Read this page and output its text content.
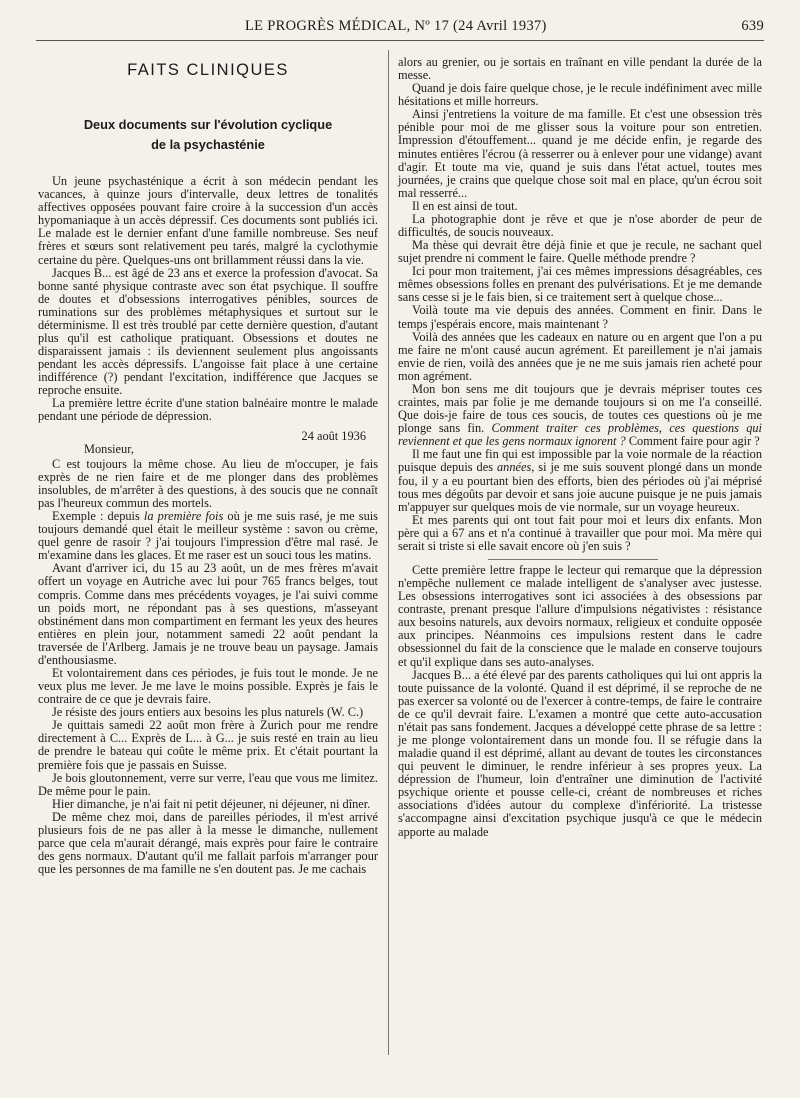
LE PROGRÈS MÉDICAL, Nº 17 (24 Avril 1937)	639

FAITS CLINIQUES

Deux documents sur l'évolution cyclique
de la psychasténie

Un jeune psychasténique a écrit à son médecin pendant les vacances, à quinze jours d'intervalle, deux lettres de tonalités affectives opposées pouvant faire croire à la succession d'un accès hypomaniaque à un accès dépressif. Ces documents sont publiés ici. Le malade est le dernier enfant d'une famille nombreuse. Ses neuf frères et sœurs sont relativement peu tarés, malgré la cyclothymie certaine du père. Quelques-uns ont brillamment réussi dans la vie.

Jacques B... est âgé de 23 ans et exerce la profession d'avocat. Sa bonne santé physique contraste avec son état psychique. Il souffre de doutes et d'obsessions interrogatives pénibles, sources de ruminations sur des problèmes métaphysiques et surtout sur le déterminisme. Il est très troublé par cette dernière question, d'autant plus qu'il est catholique pratiquant. Obsessions et doutes ne disparaissent jamais : ils deviennent seulement plus angoissants pendant les accès dépressifs. L'angoisse fait place à une certaine indifférence (?) pendant l'excitation, indifférence que Jacques se reproche ensuite.

La première lettre écrite d'une station balnéaire montre le malade pendant une période de dépression.

24 août 1936

Monsieur,

C est toujours la même chose. Au lieu de m'occuper, je fais exprès de ne rien faire et de me plonger dans des problèmes insolubles, de m'arrêter à des questions, à des soucis que ne connaît pas l'heureux commun des mortels.

Exemple : depuis la première fois où je me suis rasé, je me suis toujours demandé quel était le meilleur système : savon ou crème, quel genre de rasoir ? j'ai toujours l'impression d'être mal rasé. Je m'examine dans les glaces. Et me raser est un souci tous les matins.

Avant d'arriver ici, du 15 au 23 août, un de mes frères m'avait offert un voyage en Autriche avec lui pour 765 francs belges, tout compris. Comme dans mes précédents voyages, je l'ai suivi comme un poids mort, ne répondant pas à ses questions, m'asseyant obstinément dans mon compartiment en fermant les yeux des heures entières en plein jour, notamment samedi 22 août pendant la traversée de l'Arlberg. Jamais je ne trouve beau un paysage. Jamais d'enthousiasme.

Et volontairement dans ces périodes, je fuis tout le monde. Je ne veux plus me lever. Je me lave le moins possible. Exprès je fais le contraire de ce que je devrais faire.

Je résiste des jours entiers aux besoins les plus naturels (W. C.)

Je quittais samedi 22 août mon frère à Zurich pour me rendre directement à C... Exprès de L... à G... je suis resté en train au lieu de prendre le bateau qui coûte le même prix. Et c'était pourtant la première fois que je passais en Suisse.

Je bois gloutonnement, verre sur verre, l'eau que vous me limitez. De même pour le pain.

Hier dimanche, je n'ai fait ni petit déjeuner, ni déjeuner, ni dîner.

De même chez moi, dans de pareilles périodes, il m'est arrivé plusieurs fois de ne pas aller à la messe le dimanche, nullement parce que cela m'aurait dérangé, mais exprès pour faire le contraire des gens normaux. D'autant qu'il me fallait parfois m'arranger pour que les personnes de ma famille ne s'en doutent pas. Je me cachais

alors au grenier, ou je sortais en traînant en ville pendant la durée de la messe.

Quand je dois faire quelque chose, je le recule indéfiniment avec mille hésitations et mille horreurs.

Ainsi j'entretiens la voiture de ma famille. Et c'est une obsession très pénible pour moi de me glisser sous la voiture pour son entretien. Impression d'étouffement... quand je me décide enfin, je regarde des minutes entières l'écrou (à resserrer ou à enlever pour une vidange) avant d'agir. Et toute ma vie, quand je suis dans l'état actuel, toutes mes journées, je crains que quelque chose soit mal en place, qu'un écrou soit mal resserré...

Il en est ainsi de tout.

La photographie dont je rêve et que je n'ose aborder de peur de difficultés, de soucis nouveaux.

Ma thèse qui devrait être déjà finie et que je recule, ne sachant quel sujet prendre ni comment le faire. Quelle méthode prendre ?

Ici pour mon traitement, j'ai ces mêmes impressions désagréables, ces mêmes obsessions folles en prenant des pulvérisations. Et je me demande sans cesse si je le fais bien, si ce traitement sert à quelque chose...

Voilà toute ma vie depuis des années. Comment en finir. Dans le temps j'espérais encore, mais maintenant ?

Voilà des années que les cadeaux en nature ou en argent que l'on a pu me faire ne m'ont causé aucun agrément. Et pareillement je n'ai jamais envie de rien, voilà des années que je ne me suis jamais rien acheté pour mon agrément.

Mon bon sens me dit toujours que je devrais mépriser toutes ces craintes, mais par folie je me demande toujours si on me l'a conseillé. Que dois-je faire de tous ces soucis, de toutes ces questions où je me plonge sans fin. Comment traiter ces problèmes, ces questions qui reviennent et que les gens normaux ignorent ? Comment faire pour agir ?

Il me faut une fin qui est impossible par la voie normale de la réaction puisque depuis des années, si je me suis souvent plongé dans un monde fou, il y a eu pourtant bien des efforts, bien des périodes où j'ai méprisé tous mes dégoûts par devoir et sans joie aucune puisque je ne puis jamais m'appuyer sur quelques mois de vie normale, sur un voyage heureux.

Et mes parents qui ont tout fait pour moi et leurs dix enfants. Mon père qui a 67 ans et n'a continué à travailler que pour moi. Ma mère qui serait si triste si elle savait encore où j'en suis ?

Cette première lettre frappe le lecteur qui remarque que la dépression n'empêche nullement ce malade intelligent de s'analyser avec justesse. Les obsessions interrogatives sont ici associées à des obsessions par contraste, prenant presque l'allure d'impulsions négativistes : résistance aux besoins naturels, aux devoirs normaux, religieux et conduite opposée aux principes. Néanmoins ces impulsions restent dans le cadre obsessionnel du fait de la conscience que le malade en conserve toujours et qu'il explique dans ses auto-analyses.

Jacques B... a été élevé par des parents catholiques qui lui ont appris la toute puissance de la volonté. Quand il est déprimé, il se reproche de ne pas exercer sa volonté ou de l'exercer à contre-temps, de faire le contraire de ce qu'il devrait faire. L'examen a montré que cette auto-accusation n'était pas sans fondement. Jacques a développé cette phrase de sa lettre : je me plonge volontairement dans un monde fou. Il se réfugie dans la maladie quand il est déprimé, allant au devant de toutes les circonstances qui peuvent le diminuer, le rendre inférieur à ses propres yeux. La dépression de l'humeur, loin d'entraîner une diminution de l'activité psychique oriente et pousse celle-ci, créant de nombreuses et riches associations d'idées autour du complexe d'infériorité. La tristesse s'accompagne ainsi d'excitation psychique jusqu'à ce que le médecin apporte au malade
